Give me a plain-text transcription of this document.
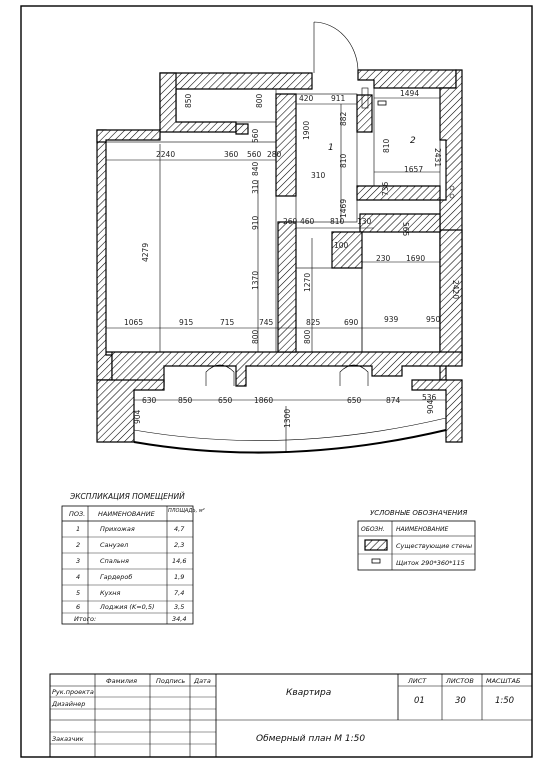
1
2
420 911
1494
850	800
1900
882
2431
810
2240	360 560 280
560
310
840	310
810
736
1657
1469
260 460 810 130
565
910
100
230 1690
2420
4279
1370	1270
1065	915	715	745	825	690	939	950
800	800
630	850	650	1860	650	874	536
904
904
1300
ЭКСПЛИКАЦИЯ ПОМЕЩЕНИЙ
ПОЗ. НАИМЕНОВАНИЕ	ПЛОЩАДЬ, м²
1	Прихожая	4,7
2	Санузел	2,3
3	Спальня	14,6
4	Гардероб	1,9
5	Кухня	7,4
6	Лоджия (K=0,5)	3,5
Итого:	34,4
УСЛОВНЫЕ ОБОЗНАЧЕНИЯ
ОБОЗН. НАИМЕНОВАНИЕ
Существующие стены
Щиток 290*360*115
Фамилия	Подпись Дата
Рук.проекта
Дизайнер
Заказчик
Квартира
Обмерный план М 1:50
ЛИСТ	ЛИСТОВ МАСШТАБ
01	30	1:50
